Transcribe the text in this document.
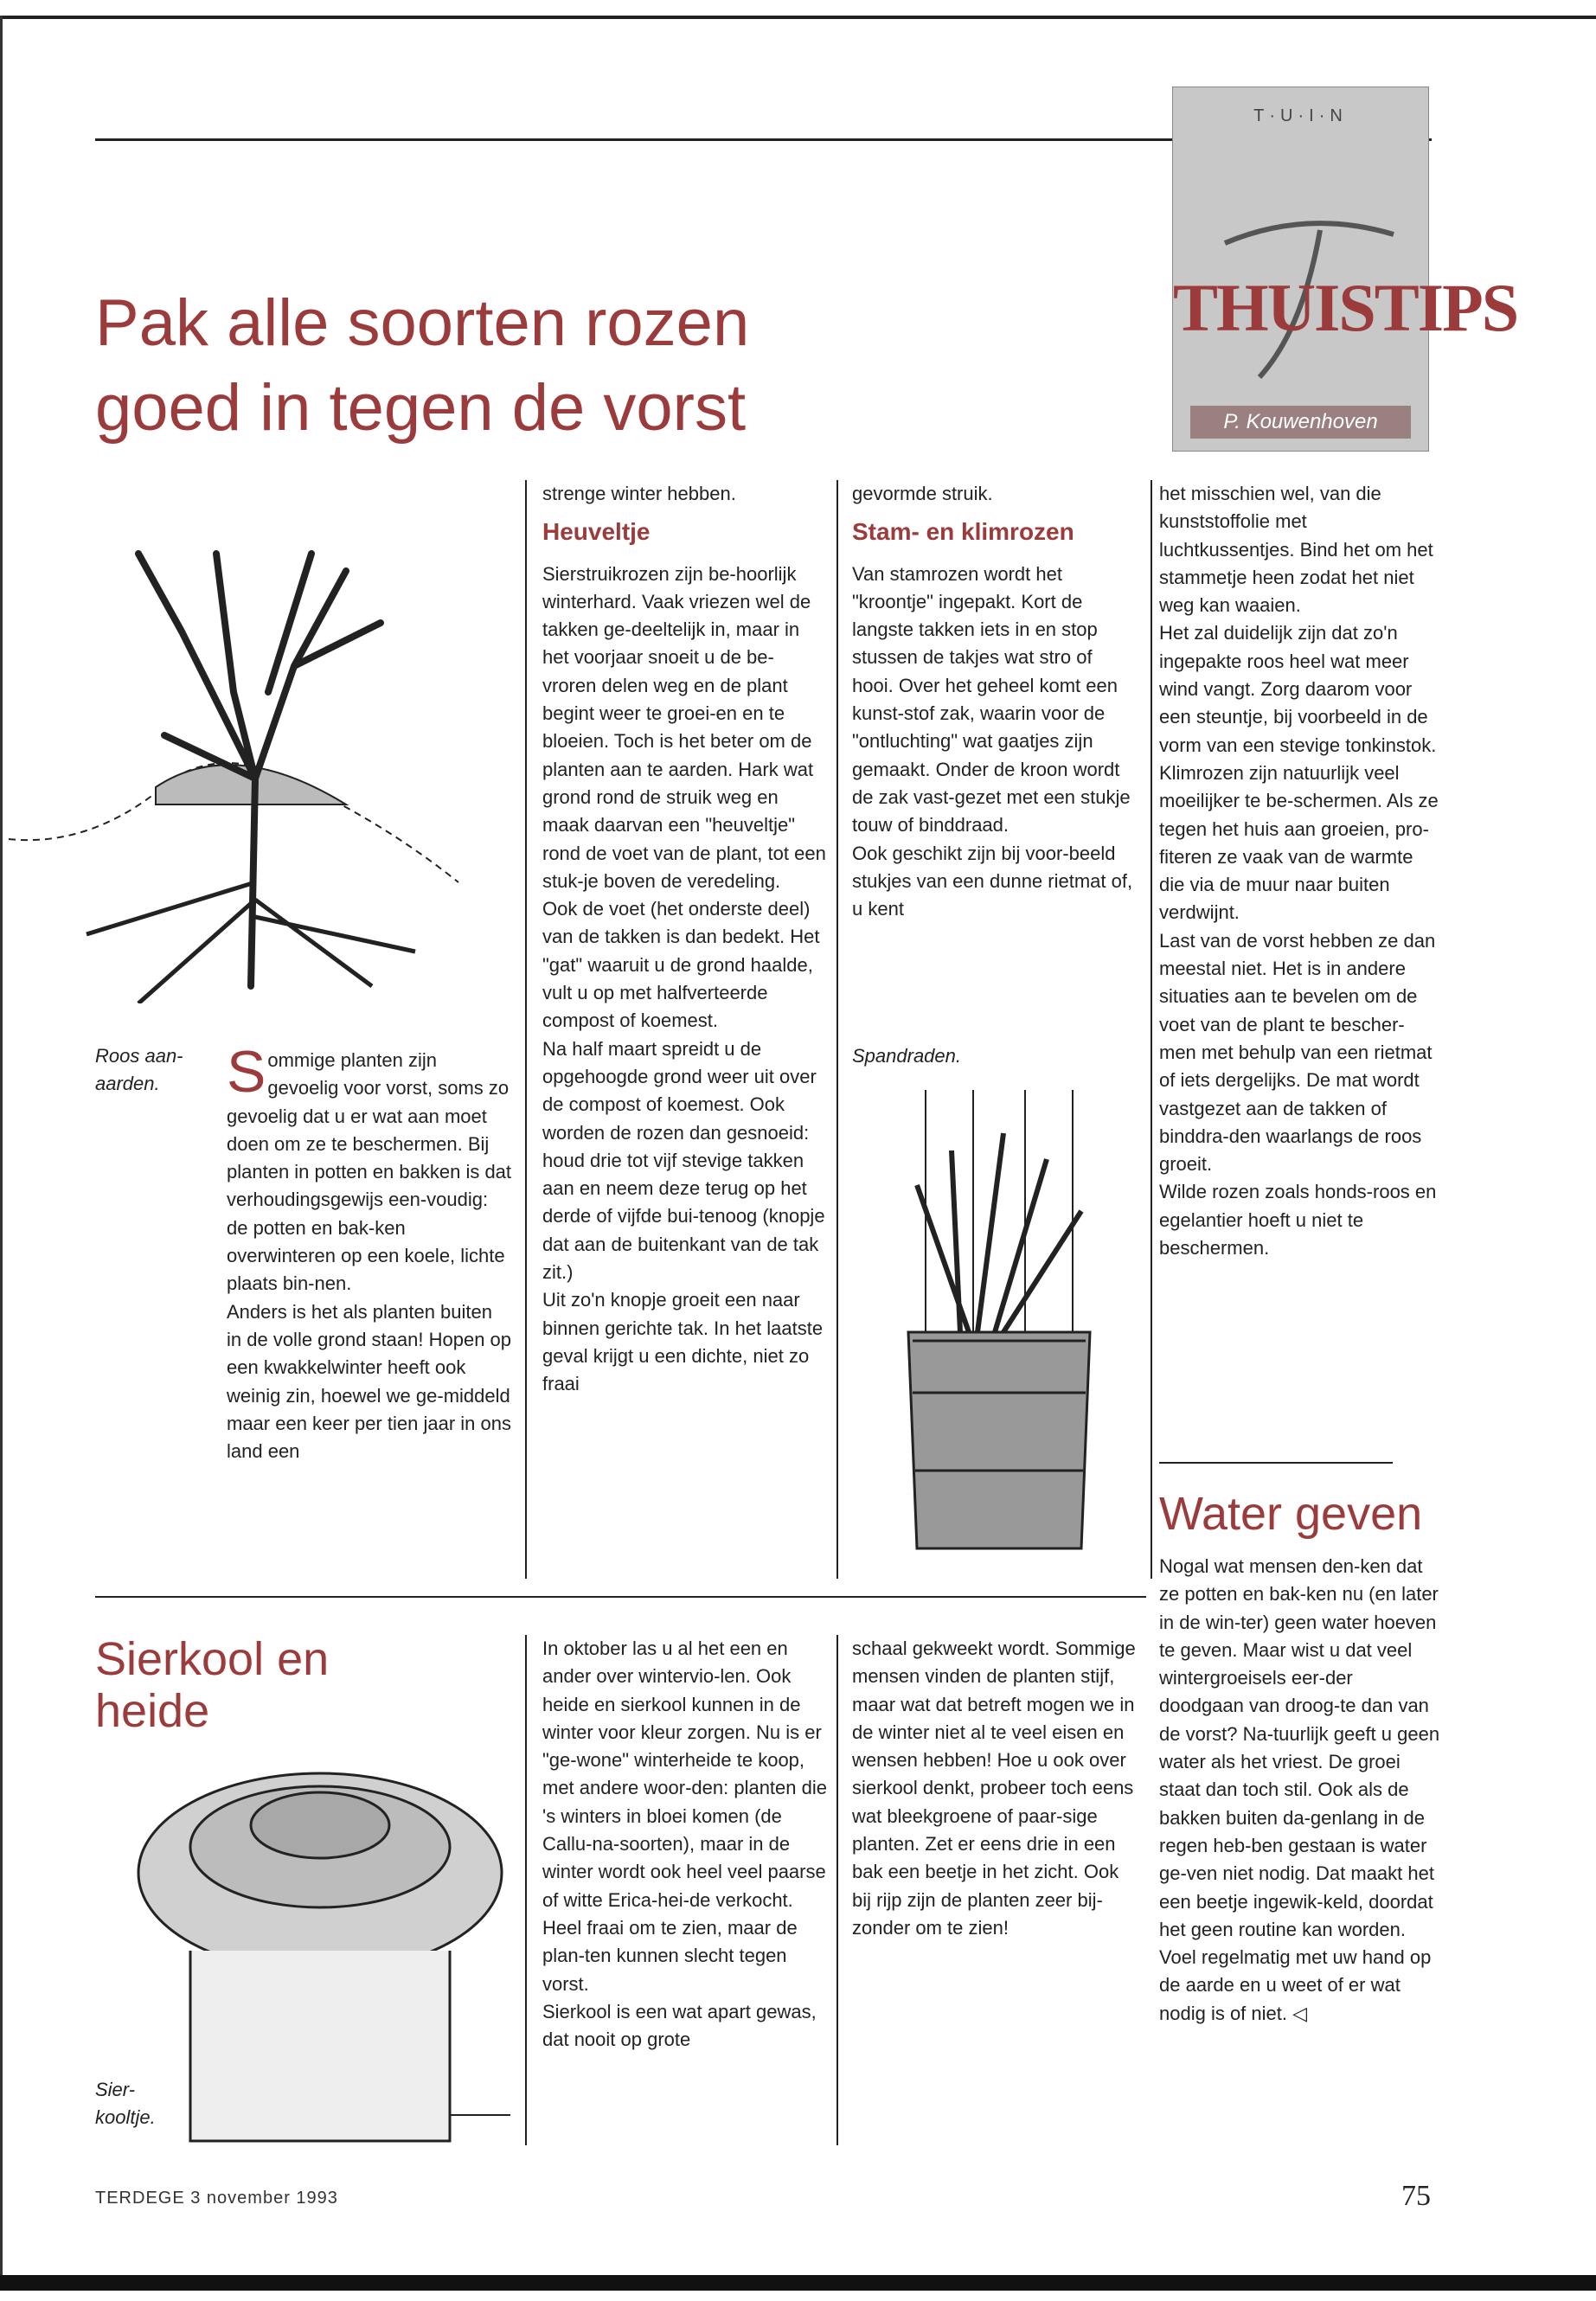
T·U·I·N
THUISTIPS
P. Kouwenhoven
Pak alle soorten rozen goed in tegen de vorst
Roos aan-aarden.	Sommige planten zijn gevoelig voor vorst, soms zo gevoelig dat u er wat aan moet doen om ze te beschermen. Bij planten in potten en bakken is dat verhoudingsgewijs een-voudig: de potten en bak-ken overwinteren op een koele, lichte plaats bin-nen.

Anders is het als planten buiten in de volle grond staan! Hopen op een kwakkelwinter heeft ook weinig zin, hoewel we ge-middeld maar een keer per tien jaar in ons land een

strenge winter hebben.

Heuveltje

Sierstruikrozen zijn be-hoorlijk winterhard. Vaak vriezen wel de takken ge-deeltelijk in, maar in het voorjaar snoeit u de be-vroren delen weg en de plant begint weer te groei-en en te bloeien. Toch is het beter om de planten aan te aarden. Hark wat grond rond de struik weg en maak daarvan een "heuveltje" rond de voet van de plant, tot een stuk-je boven de veredeling.

Ook de voet (het onderste deel) van de takken is dan bedekt. Het "gat" waaruit u de grond haalde, vult u op met halfverteerde compost of koemest.

Na half maart spreidt u de opgehoogde grond weer uit over de compost of koemest. Ook worden de rozen dan gesnoeid: houd drie tot vijf stevige takken aan en neem deze terug op het derde of vijfde bui-tenoog (knopje dat aan de buitenkant van de tak zit.)

Uit zo'n knopje groeit een naar binnen gerichte tak. In het laatste geval krijgt u een dichte, niet zo fraai

gevormde struik.

Stam- en klimrozen

Van stamrozen wordt het "kroontje" ingepakt. Kort de langste takken iets in en stop stussen de takjes wat stro of hooi. Over het geheel komt een kunst-stof zak, waarin voor de "ontluchting" wat gaatjes zijn gemaakt. Onder de kroon wordt de zak vast-gezet met een stukje touw of binddraad.

Ook geschikt zijn bij voor-beeld stukjes van een dunne rietmat of, u kent

Spandraden.

het misschien wel, van die kunststoffolie met luchtkussentjes. Bind het om het stammetje heen zodat het niet weg kan waaien.

Het zal duidelijk zijn dat zo'n ingepakte roos heel wat meer wind vangt. Zorg daarom voor een steuntje, bij voorbeeld in de vorm van een stevige tonkinstok.

Klimrozen zijn natuurlijk veel moeilijker te be-schermen. Als ze tegen het huis aan groeien, pro-fiteren ze vaak van de warmte die via de muur naar buiten verdwijnt.

Last van de vorst hebben ze dan meestal niet. Het is in andere situaties aan te bevelen om de voet van de plant te bescher-men met behulp van een rietmat of iets dergelijks. De mat wordt vastgezet aan de takken of binddra-den waarlangs de roos groeit.

Wilde rozen zoals honds-roos en egelantier hoeft u niet te beschermen.

Water geven

Nogal wat mensen den-ken dat ze potten en bak-ken nu (en later in de win-ter) geen water hoeven te geven. Maar wist u dat veel wintergroeisels eer-der doodgaan van droog-te dan van de vorst? Na-tuurlijk geeft u geen water als het vriest. De groei staat dan toch stil. Ook als de bakken buiten da-genlang in de regen heb-ben gestaan is water ge-ven niet nodig. Dat maakt het een beetje ingewik-keld, doordat het geen routine kan worden. Voel regelmatig met uw hand op de aarde en u weet of er wat nodig is of niet. ◁

Sierkool en heide
Sier-kooltje.

In oktober las u al het een en ander over wintervio-len. Ook heide en sierkool kunnen in de winter voor kleur zorgen. Nu is er "ge-wone" winterheide te koop, met andere woor-den: planten die 's winters in bloei komen (de Callu-na-soorten), maar in de winter wordt ook heel veel paarse of witte Erica-hei-de verkocht. Heel fraai om te zien, maar de plan-ten kunnen slecht tegen vorst.

Sierkool is een wat apart gewas, dat nooit op grote

schaal gekweekt wordt. Sommige mensen vinden de planten stijf, maar wat dat betreft mogen we in de winter niet al te veel eisen en wensen hebben! Hoe u ook over sierkool denkt, probeer toch eens wat bleekgroene of paar-sige planten. Zet er eens drie in een bak een beetje in het zicht. Ook bij rijp zijn de planten zeer bij-zonder om te zien!

TERDEGE 3 november 1993	75
